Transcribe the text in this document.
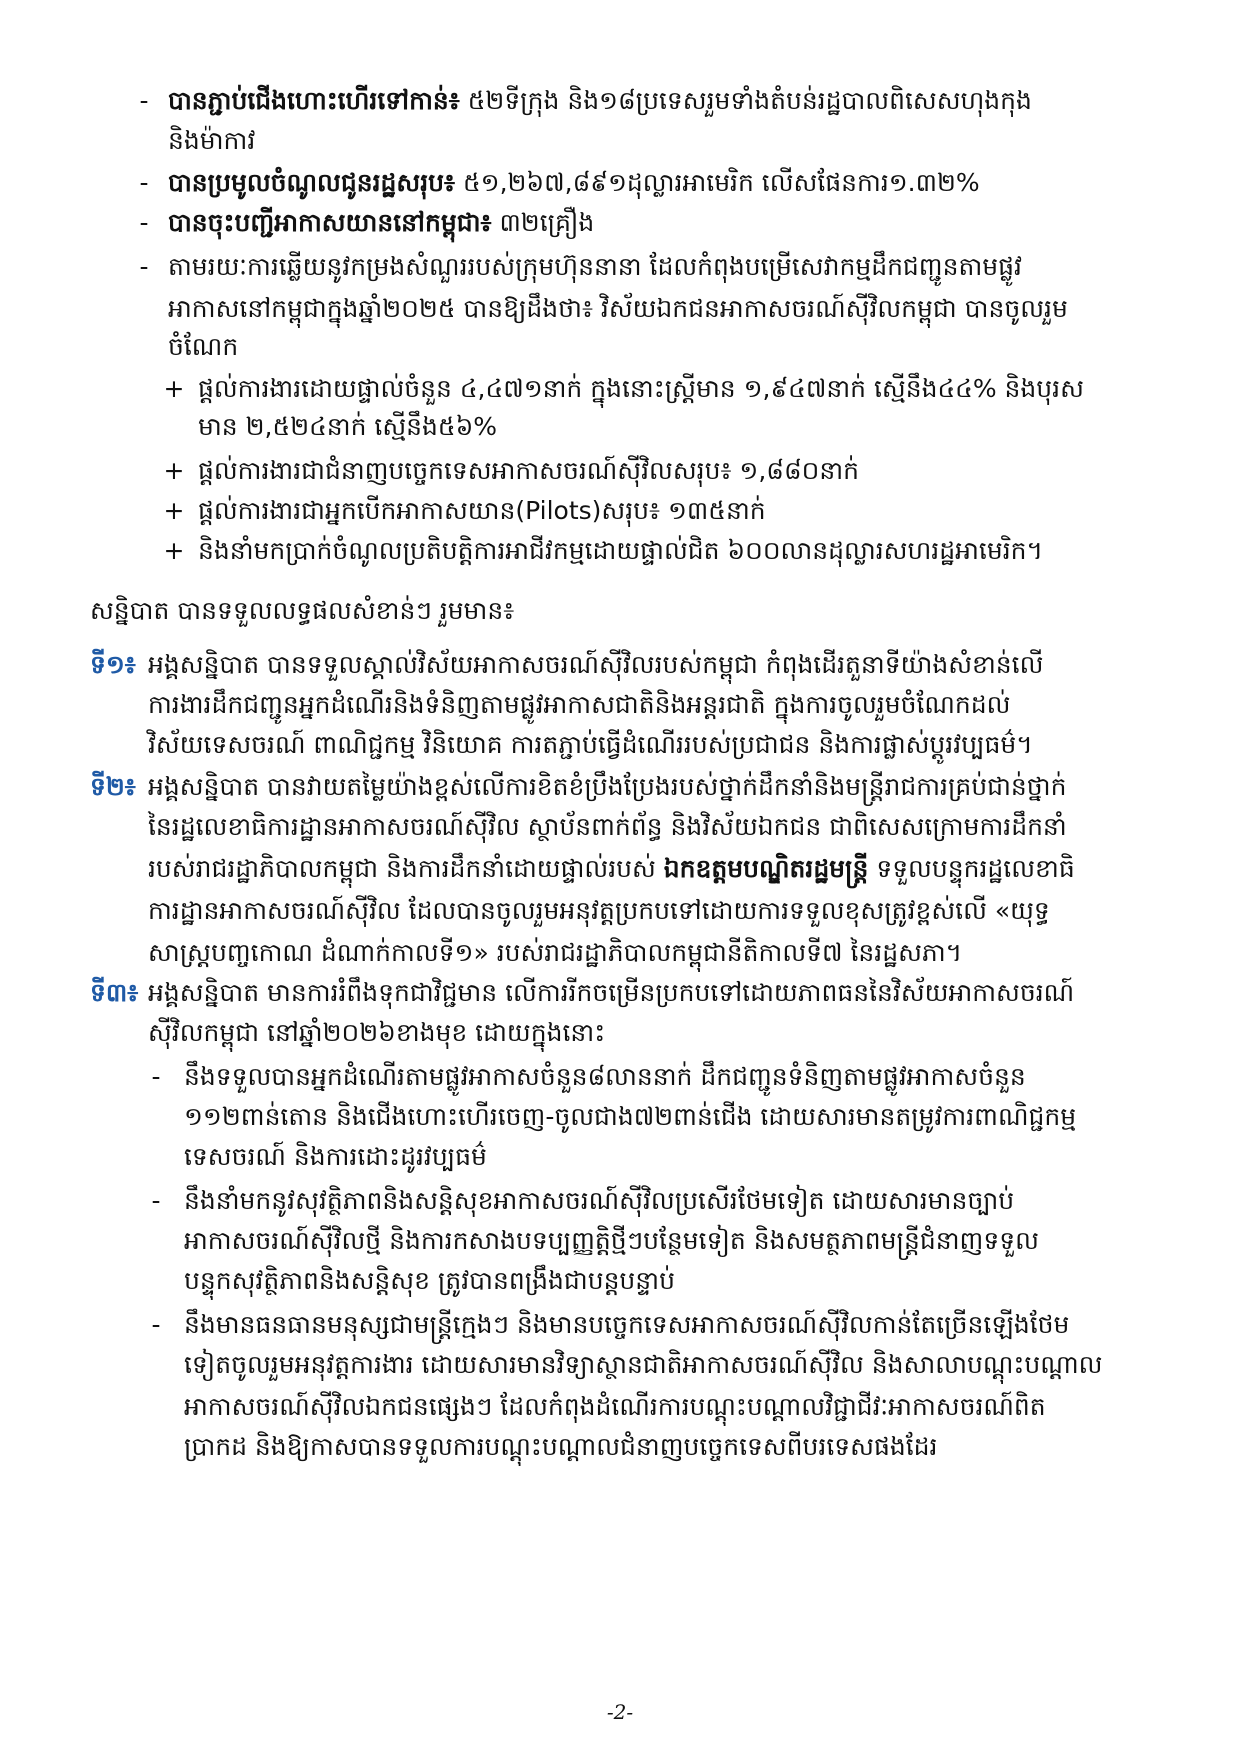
- បានភ្ជាប់ជើងហោះហើរទៅកាន់៖ ៥២ទីក្រុង និង១៨ប្រទេសរួមទាំងតំបន់រដ្ឋបាលពិសេសហុងកុង
និងម៉ាកាវ
- បានប្រមូលចំណូលជូនរដ្ឋសរុប៖ ៥១,២៦៧,៨៩១ដុល្លារអាមេរិក លើសផែនការ១.៣២%
- បានចុះបញ្ជីអាកាសយាននៅកម្ពុជា៖ ៣២គ្រឿង
- តាមរយៈការឆ្លើយនូវកម្រងសំណួររបស់ក្រុមហ៊ុននានា ដែលកំពុងបម្រើសេវាកម្មដឹកជញ្ជូនតាមផ្លូវ
អាកាសនៅកម្ពុជាក្នុងឆ្នាំ២០២៥ បានឱ្យដឹងថា៖ វិស័យឯកជនអាកាសចរណ៍ស៊ីវិលកម្ពុជា បានចូលរួម
ចំណែក
+ ផ្តល់ការងារដោយផ្ទាល់ចំនួន ៤,៤៧១នាក់ ក្នុងនោះស្រ្តីមាន ១,៩៤៧នាក់ ស្មើនឹង៤៤% និងបុរស
មាន ២,៥២៤នាក់ ស្មើនឹង៥៦%
+ ផ្តល់ការងារជាជំនាញបច្ចេកទេសអាកាសចរណ៍ស៊ីវិលសរុប៖ ១,៨៨០នាក់
+ ផ្តល់ការងារជាអ្នកបើកអាកាសយាន(Pilots)សរុប៖ ១៣៥នាក់
+ និងនាំមកប្រាក់ចំណូលប្រតិបត្តិការអាជីវកម្មដោយផ្ទាល់ជិត ៦០០លានដុល្លារសហរដ្ឋអាមេរិក។
សន្និបាត បានទទួលលទ្ធផលសំខាន់ៗ រួមមាន៖
ទី១៖ អង្គសន្និបាត បានទទួលស្គាល់វិស័យអាកាសចរណ៍ស៊ីវិលរបស់កម្ពុជា កំពុងដើរតួនាទីយ៉ាងសំខាន់លើ
ការងារដឹកជញ្ជូនអ្នកដំណើរនិងទំនិញតាមផ្លូវអាកាសជាតិនិងអន្តរជាតិ ក្នុងការចូលរួមចំណែកដល់
វិស័យទេសចរណ៍ ពាណិជ្ជកម្ម វិនិយោគ ការតភ្ជាប់ធ្វើដំណើររបស់ប្រជាជន និងការផ្លាស់ប្តូរវប្បធម៌។
ទី២៖ អង្គសន្និបាត បានវាយតម្លៃយ៉ាងខ្ពស់លើការខិតខំប្រឹងប្រែងរបស់ថ្នាក់ដឹកនាំនិងមន្រ្តីរាជការគ្រប់ជាន់ថ្នាក់
នៃរដ្ឋលេខាធិការដ្ឋានអាកាសចរណ៍ស៊ីវិល ស្ថាប័នពាក់ព័ន្ធ និងវិស័យឯកជន ជាពិសេសក្រោមការដឹកនាំ
របស់រាជរដ្ឋាភិបាលកម្ពុជា និងការដឹកនាំដោយផ្ទាល់របស់ ឯកឧត្តមបណ្ឌិតរដ្ឋមន្ត្រី ទទួលបន្ទុករដ្ឋលេខាធិ
ការដ្ឋានអាកាសចរណ៍ស៊ីវិល ដែលបានចូលរួមអនុវត្តប្រកបទៅដោយការទទួលខុសត្រូវខ្ពស់លើ «យុទ្ធ
សាស្រ្តបញ្ចកោណ ដំណាក់កាលទី១» របស់រាជរដ្ឋាភិបាលកម្ពុជានីតិកាលទី៧ នៃរដ្ឋសភា។
ទី៣៖ អង្គសន្និបាត មានការរំពឹងទុកជាវិជ្ជមាន លើការរីកចម្រើនប្រកបទៅដោយភាពធននៃវិស័យអាកាសចរណ៍
ស៊ីវិលកម្ពុជា នៅឆ្នាំ២០២៦ខាងមុខ ដោយក្នុងនោះ
- នឹងទទួលបានអ្នកដំណើរតាមផ្លូវអាកាសចំនួន៨លាននាក់ ដឹកជញ្ជូនទំនិញតាមផ្លូវអាកាសចំនួន
១១២ពាន់តោន និងជើងហោះហើរចេញ-ចូលជាង៧២ពាន់ជើង ដោយសារមានតម្រូវការពាណិជ្ជកម្ម
ទេសចរណ៍ និងការដោះដូរវប្បធម៌
- នឹងនាំមកនូវសុវត្ថិភាពនិងសន្តិសុខអាកាសចរណ៍ស៊ីវិលប្រសើរថែមទៀត ដោយសារមានច្បាប់
អាកាសចរណ៍ស៊ីវិលថ្មី និងការកសាងបទប្បញ្ញត្តិថ្មីៗបន្ថែមទៀត និងសមត្ថភាពមន្រ្តីជំនាញទទួល
បន្ទុកសុវត្ថិភាពនិងសន្តិសុខ ត្រូវបានពង្រឹងជាបន្តបន្ទាប់
- នឹងមានធនធានមនុស្សជាមន្រ្តីក្មេងៗ និងមានបច្ចេកទេសអាកាសចរណ៍ស៊ីវិលកាន់តែច្រើនឡើងថែម
ទៀតចូលរួមអនុវត្តការងារ ដោយសារមានវិទ្យាស្ថានជាតិអាកាសចរណ៍ស៊ីវិល និងសាលាបណ្តុះបណ្តាល
អាកាសចរណ៍ស៊ីវិលឯកជនផ្សេងៗ ដែលកំពុងដំណើរការបណ្តុះបណ្តាលវិជ្ជាជីវៈអាកាសចរណ៍ពិត
ប្រាកដ និងឱ្យកាសបានទទួលការបណ្តុះបណ្តាលជំនាញបច្ចេកទេសពីបរទេសផងដែរ
-2-
